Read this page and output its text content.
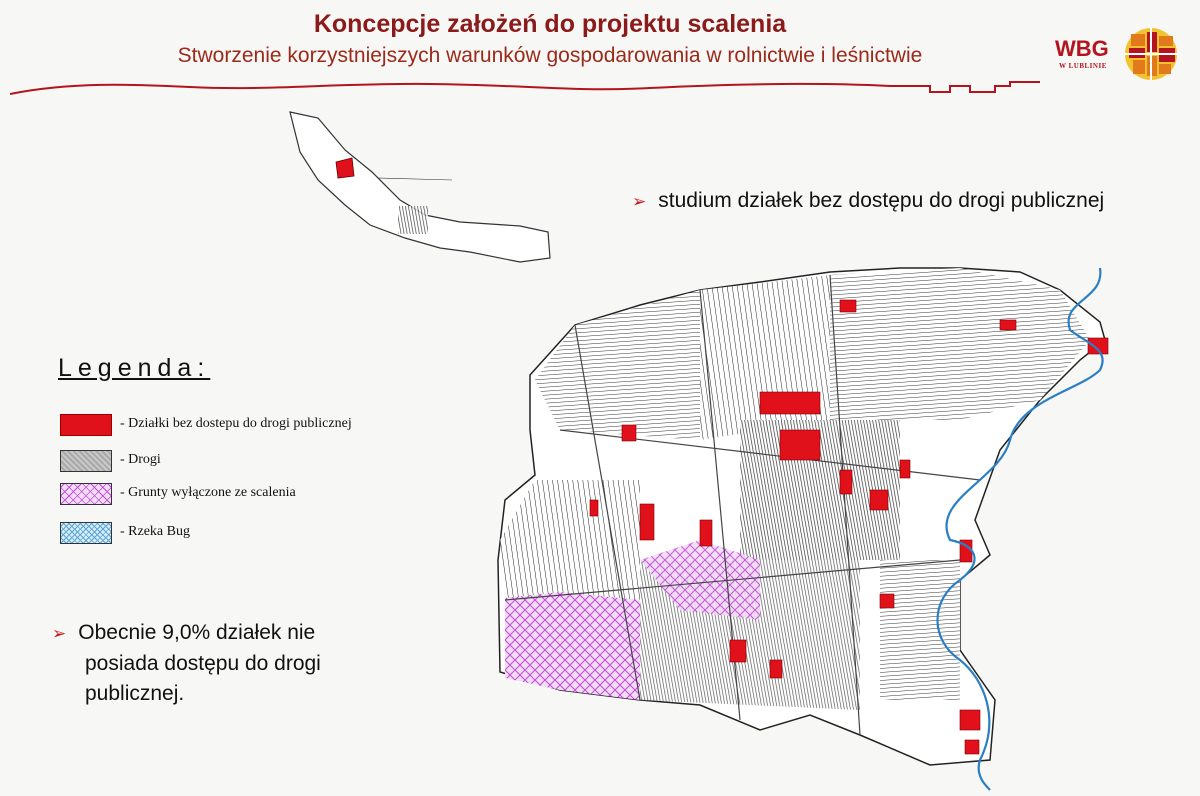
Koncepcje założeń do projektu scalenia
Stworzenie korzystniejszych warunków gospodarowania w rolnictwie i leśnictwie	WBG
W LUBLINIE
➢ studium działek bez dostępu do drogi publicznej
Legenda:
- Działki bez dostepu do drogi publicznej
- Drogi
- Grunty wyłączone ze scalenia
- Rzeka Bug
➢ Obecnie 9,0% działek nie
posiada dostępu do drogi
publicznej.
